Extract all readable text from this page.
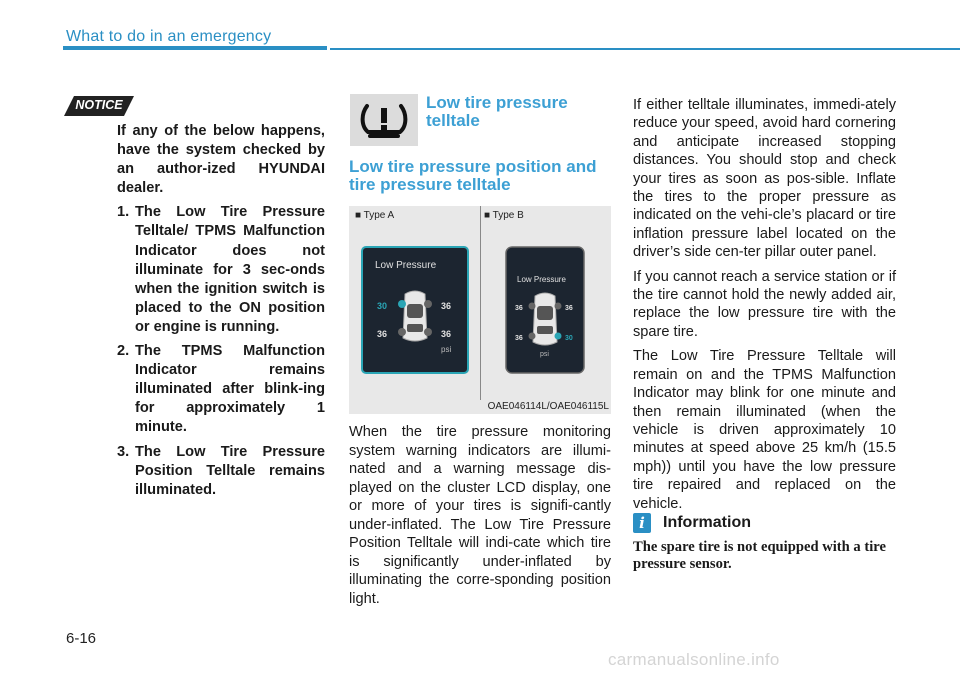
What to do in an emergency
NOTICE

If any of the below happens, have the system checked by an author-ized HYUNDAI dealer.

1. The Low Tire Pressure Telltale/ TPMS Malfunction Indicator does not illuminate for 3 sec-onds when the ignition switch is placed to the ON position or engine is running.
2. The TPMS Malfunction Indicator remains illuminated after blink-ing for approximately 1 minute.
3. The Low Tire Pressure Position Telltale remains illuminated.
Low tire pressure
telltale
Low tire pressure position and
tire pressure telltale
■ Type A	■ Type B
Low Pressure
30	36
36	36
psi
Low Pressure
36	36
36	30
psi
OAE046114L/OAE046115L

When the tire pressure monitoring system warning indicators are illumi-nated and a warning message dis-played on the cluster LCD display, one or more of your tires is signifi-cantly under-inflated. The Low Tire Pressure Position Telltale will indi-cate which tire is significantly under-inflated by illuminating the corre-sponding position light.

If either telltale illuminates, immedi-ately reduce your speed, avoid hard cornering and anticipate increased stopping distances. You should stop and check your tires as soon as pos-sible. Inflate the tires to the proper pressure as indicated on the vehi-cle’s placard or tire inflation pressure label located on the driver’s side cen-ter pillar outer panel.

If you cannot reach a service station or if the tire cannot hold the newly added air, replace the low pressure tire with the spare tire.

The Low Tire Pressure Telltale will remain on and the TPMS Malfunction Indicator may blink for one minute and then remain illuminated (when the vehicle is driven approximately 10 minutes at speed above 25 km/h (15.5 mph)) until you have the low pressure tire repaired and replaced on the vehicle.

i	Information

The spare tire is not equipped with a tire pressure sensor.

6-16
carmanualsonline.info
